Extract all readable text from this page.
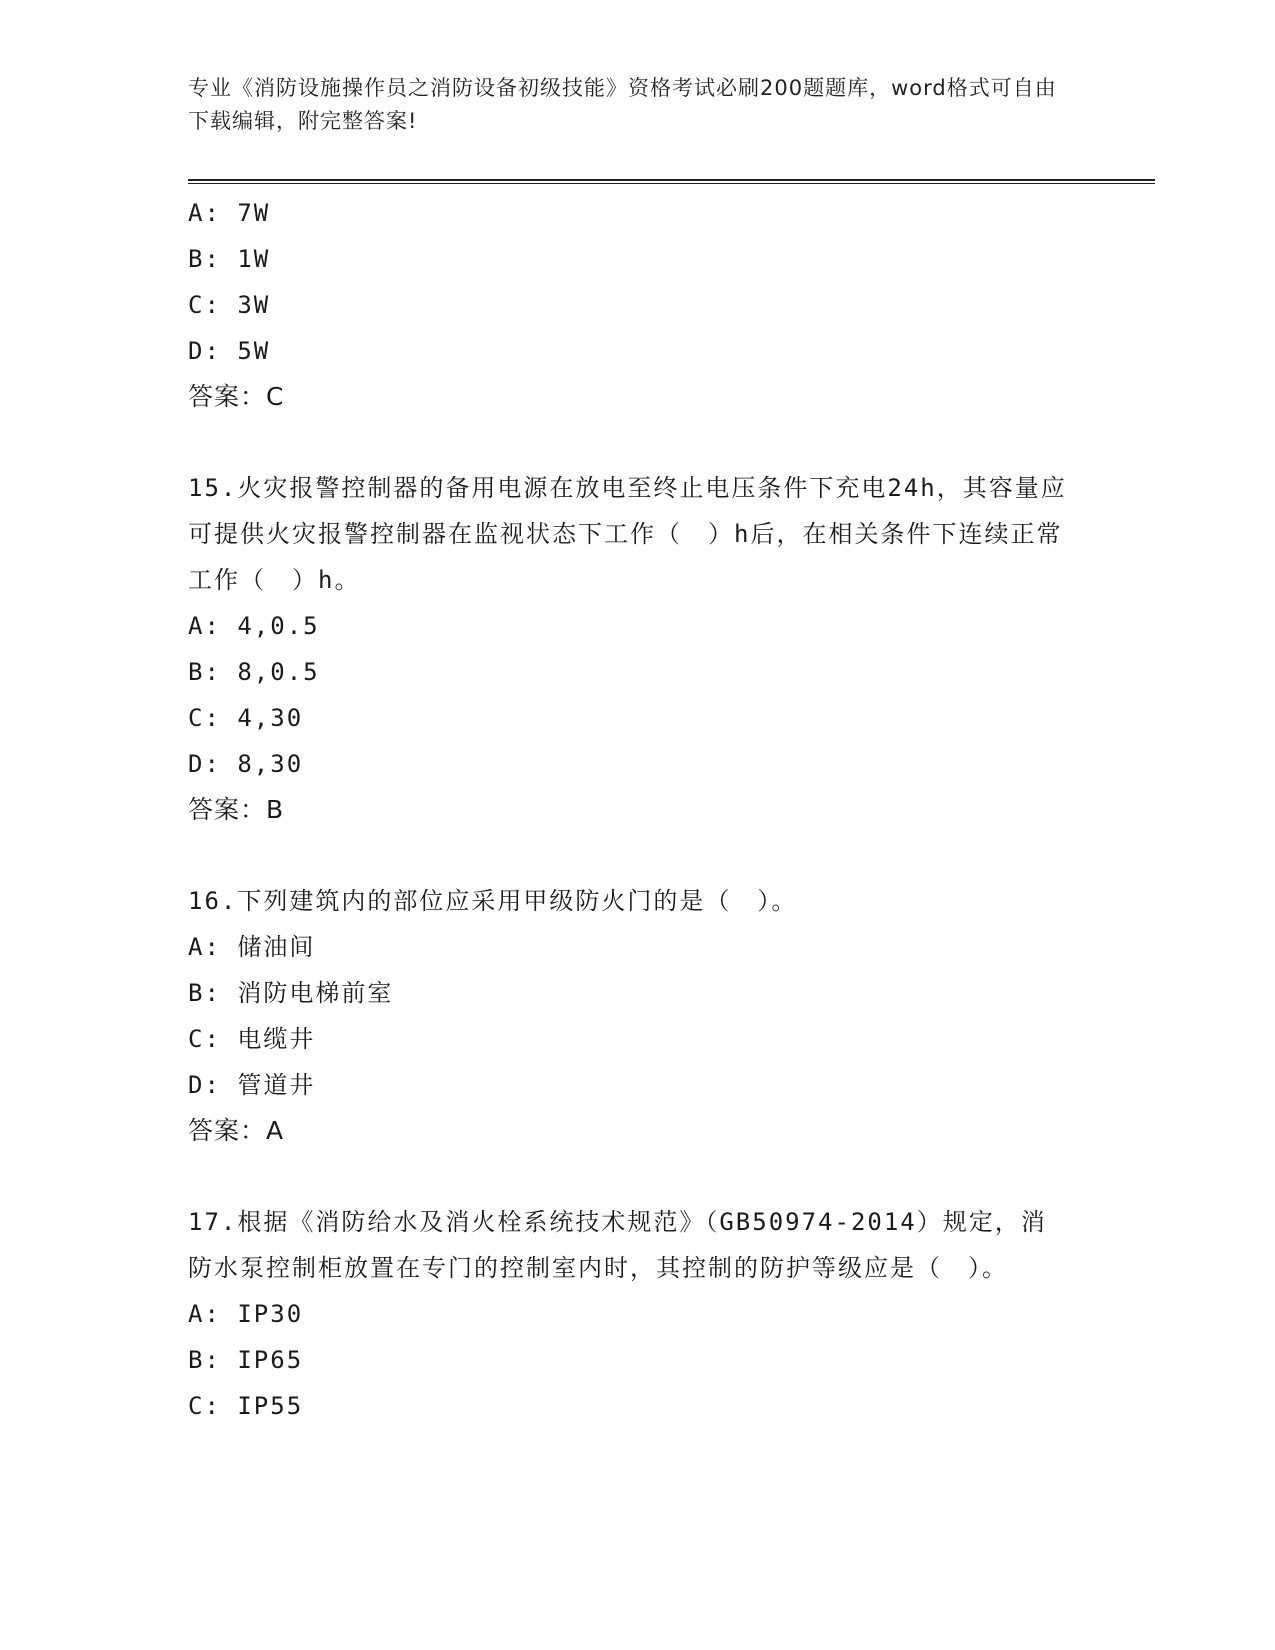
专业《消防设施操作员之消防设备初级技能》资格考试必刷200题题库，word格式可自由下载编辑，附完整答案!
A: 7W
B: 1W
C: 3W
D: 5W
答案：C
15.火灾报警控制器的备用电源在放电至终止电压条件下充电24h，其容量应可提供火灾报警控制器在监视状态下工作（　）h后，在相关条件下连续正常工作（　）h。
A: 4,0.5
B: 8,0.5
C: 4,30
D: 8,30
答案：B
16.下列建筑内的部位应采用甲级防火门的是（　）。
A: 储油间
B: 消防电梯前室
C: 电缆井
D: 管道井
答案：A
17.根据《消防给水及消火栓系统技术规范》（GB50974-2014）规定，消防水泵控制柜放置在专门的控制室内时，其控制的防护等级应是（　）。
A: IP30
B: IP65
C: IP55
